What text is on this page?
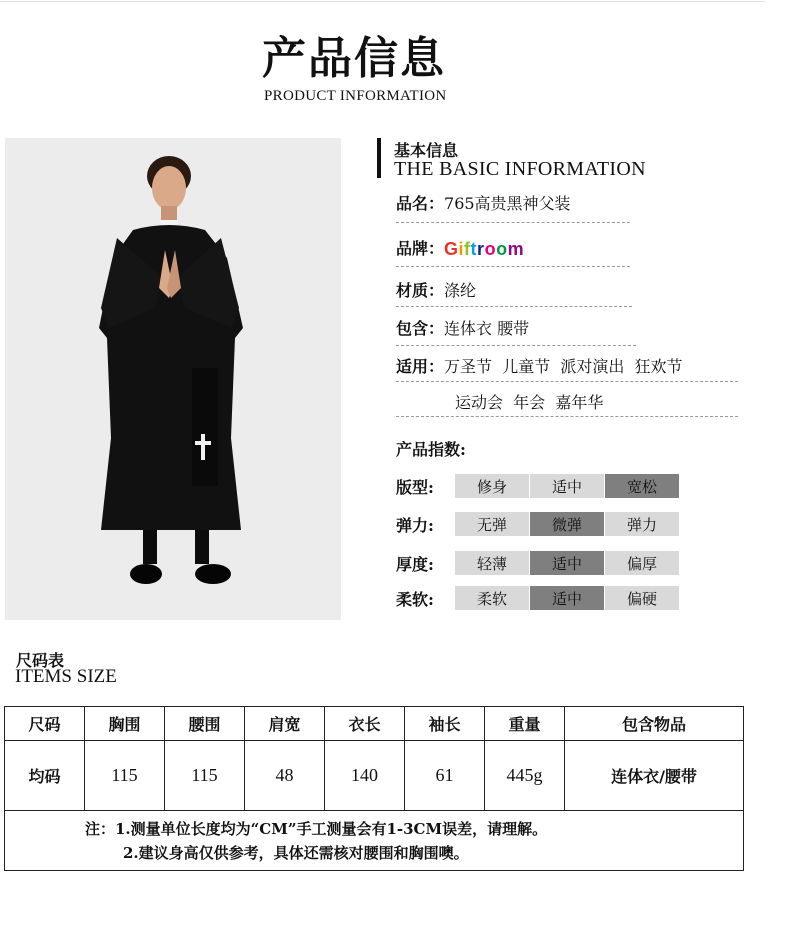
产品信息
PRODUCT INFORMATION
基本信息
THE BASIC INFORMATION
品名：765高贵黑神父装
品牌：Giftroom
材质：涤纶
包含：连体衣 腰带
适用：万圣节  儿童节  派对演出  狂欢节
运动会  年会  嘉年华
产品指数:
版型:	修身	适中	宽松
弹力:	无弹	微弹	弹力
厚度:	轻薄	适中	偏厚
柔软:	柔软	适中	偏硬
尺码表
ITEMS SIZE
尺码	胸围	腰围	肩宽	衣长	袖长	重量	包含物品
均码	115	115	48	140	61	445g	连体衣/腰带

注：1.测量单位长度均为“CM”手工测量会有1-3CM误差，请理解。
2.建议身高仅供参考，具体还需核对腰围和胸围噢。							
